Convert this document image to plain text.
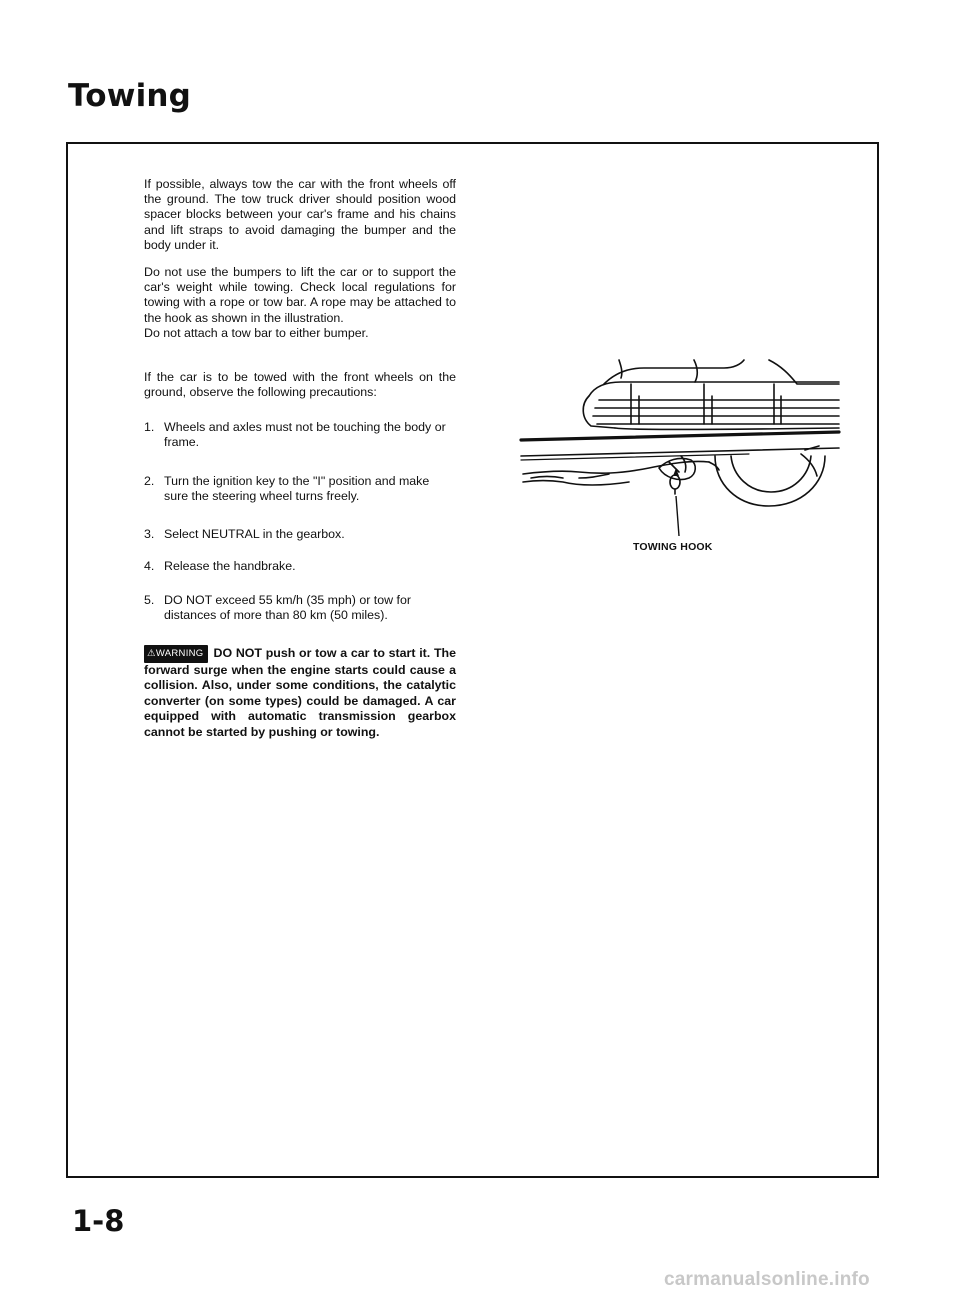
Towing

If possible, always tow the car with the front wheels off the ground. The tow truck driver should position wood spacer blocks between your car's frame and his chains and lift straps to avoid damaging the bumper and the body under it.

Do not use the bumpers to lift the car or to support the car's weight while towing. Check local regulations for towing with a rope or tow bar. A rope may be attached to the hook as shown in the illustration.

Do not attach a tow bar to either bumper.

If the car is to be towed with the front wheels on the ground, observe the following precautions:

1. Wheels and axles must not be touching the body or frame.

2. Turn the ignition key to the "I" position and make sure the steering wheel turns freely.

3. Select NEUTRAL in the gearbox.

4. Release the handbrake.

5. DO NOT exceed 55 km/h (35 mph) or tow for distances of more than 80 km (50 miles).

⚠WARNING DO NOT push or tow a car to start it. The forward surge when the engine starts could cause a collision. Also, under some conditions, the catalytic converter (on some types) could be damaged. A car equipped with automatic transmission gearbox cannot be started by pushing or towing.

TOWING HOOK

1-8

carmanualsonline.info
